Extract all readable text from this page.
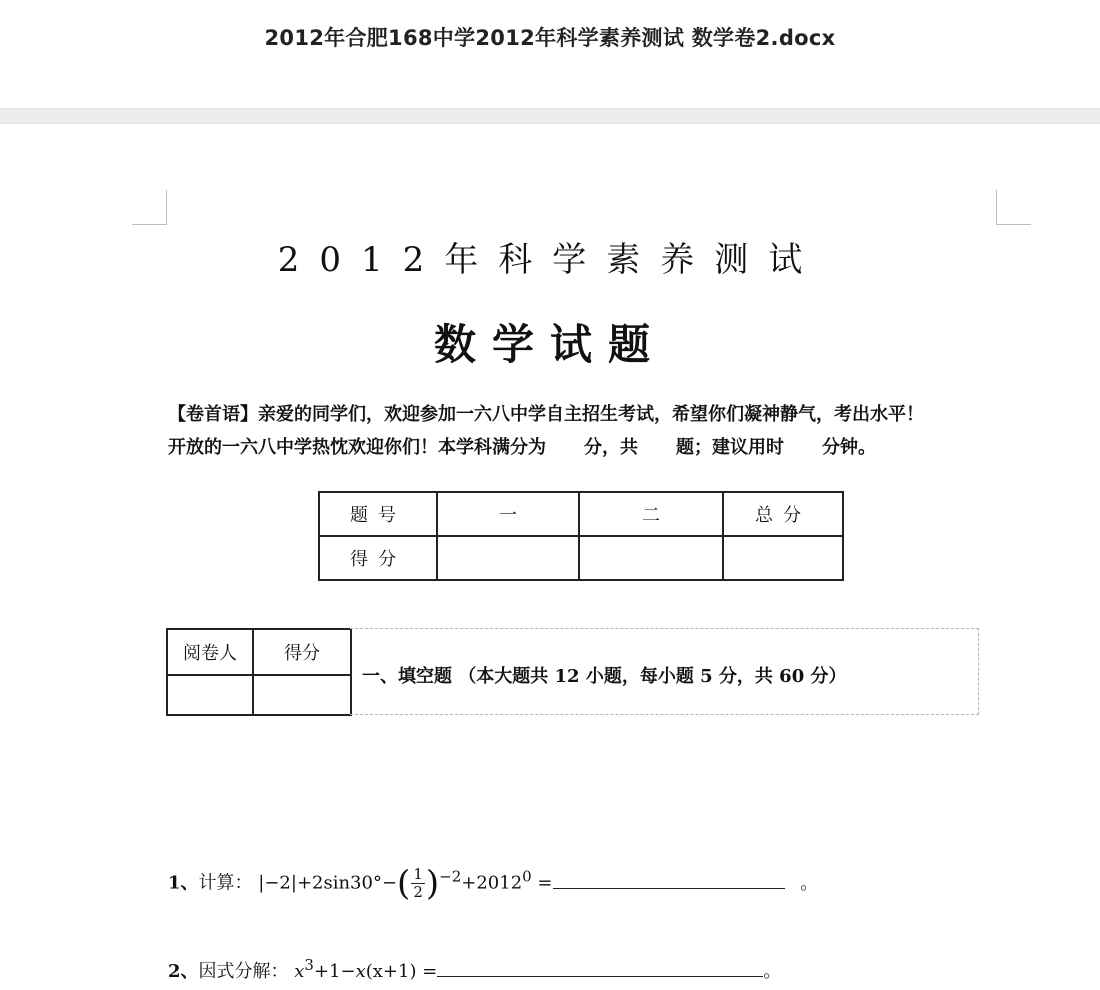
2012年合肥168中学2012年科学素养测试 数学卷2.docx
2012年科学素养测试
数学试题
【卷首语】亲爱的同学们，欢迎参加一六八中学自主招生考试，希望你们凝神静气，考出水平！
开放的一六八中学热忱欢迎你们！本学科满分为 分，共 题；建议用时 分钟。
题号	一	二	总分
得分			
阅卷人	得分

一、填空题 （本大题共 12 小题，每小题 5 分，共 60 分）
1、计算： $|-2|+2\sin 30^\circ-( \frac{1}{2} )^{-2}+2012^0$ =	。
2、因式分解： $x^3+1-x(x+1)$ =	。
